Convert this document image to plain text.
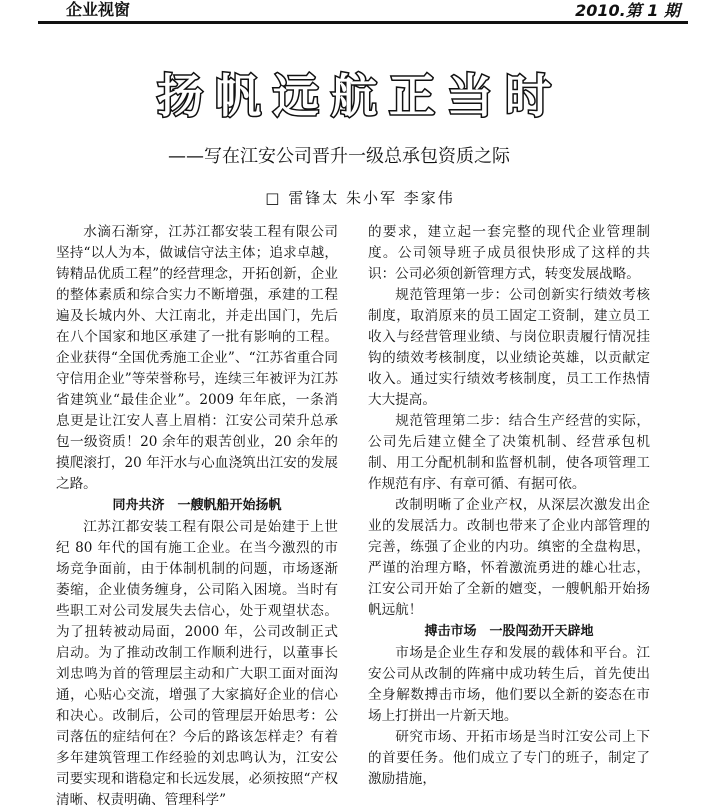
企业视窗	2010.第 1 期
扬帆远航正当时
——写在江安公司晋升一级总承包资质之际
□ 雷锋太 朱小军 李家伟

水滴石渐穿，江苏江都安装工程有限公司坚持“以人为本，做诚信守法主体；追求卓越，铸精品优质工程”的经营理念，开拓创新，企业的整体素质和综合实力不断增强，承建的工程遍及长城内外、大江南北，并走出国门，先后在八个国家和地区承建了一批有影响的工程。企业获得“全国优秀施工企业”、“江苏省重合同守信用企业”等荣誉称号，连续三年被评为江苏省建筑业“最佳企业”。2009 年年底，一条消息更是让江安人喜上眉梢：江安公司荣升总承包一级资质！20 余年的艰苦创业，20 余年的摸爬滚打，20 年汗水与心血浇筑出江安的发展之路。

同舟共济　一艘帆船开始扬帆

江苏江都安装工程有限公司是始建于上世纪 80 年代的国有施工企业。在当今激烈的市场竞争面前，由于体制机制的问题，市场逐渐萎缩，企业债务缠身，公司陷入困境。当时有些职工对公司发展失去信心，处于观望状态。为了扭转被动局面，2000 年，公司改制正式启动。为了推动改制工作顺利进行，以董事长刘忠鸣为首的管理层主动和广大职工面对面沟通，心贴心交流，增强了大家搞好企业的信心和决心。改制后，公司的管理层开始思考：公司落伍的症结何在？今后的路该怎样走？有着多年建筑管理工作经验的刘忠鸣认为，江安公司要实现和谐稳定和长远发展，必须按照“产权清晰、权责明确、管理科学”

的要求，建立起一套完整的现代企业管理制度。公司领导班子成员很快形成了这样的共识：公司必须创新管理方式，转变发展战略。

规范管理第一步：公司创新实行绩效考核制度，取消原来的员工固定工资制，建立员工收入与经营管理业绩、与岗位职责履行情况挂钩的绩效考核制度，以业绩论英雄，以贡献定收入。通过实行绩效考核制度，员工工作热情大大提高。

规范管理第二步：结合生产经营的实际，公司先后建立健全了决策机制、经营承包机制、用工分配机制和监督机制，使各项管理工作规范有序、有章可循、有据可依。

改制明晰了企业产权，从深层次激发出企业的发展活力。改制也带来了企业内部管理的完善，练强了企业的内功。缜密的全盘构思，严谨的治理方略，怀着激流勇进的雄心壮志，江安公司开始了全新的嬗变，一艘帆船开始扬帆远航！

搏击市场　一股闯劲开天辟地

市场是企业生存和发展的载体和平台。江安公司从改制的阵痛中成功转生后，首先使出全身解数搏击市场，他们要以全新的姿态在市场上打拼出一片新天地。

研究市场、开拓市场是当时江安公司上下的首要任务。他们成立了专门的班子，制定了激励措施，
